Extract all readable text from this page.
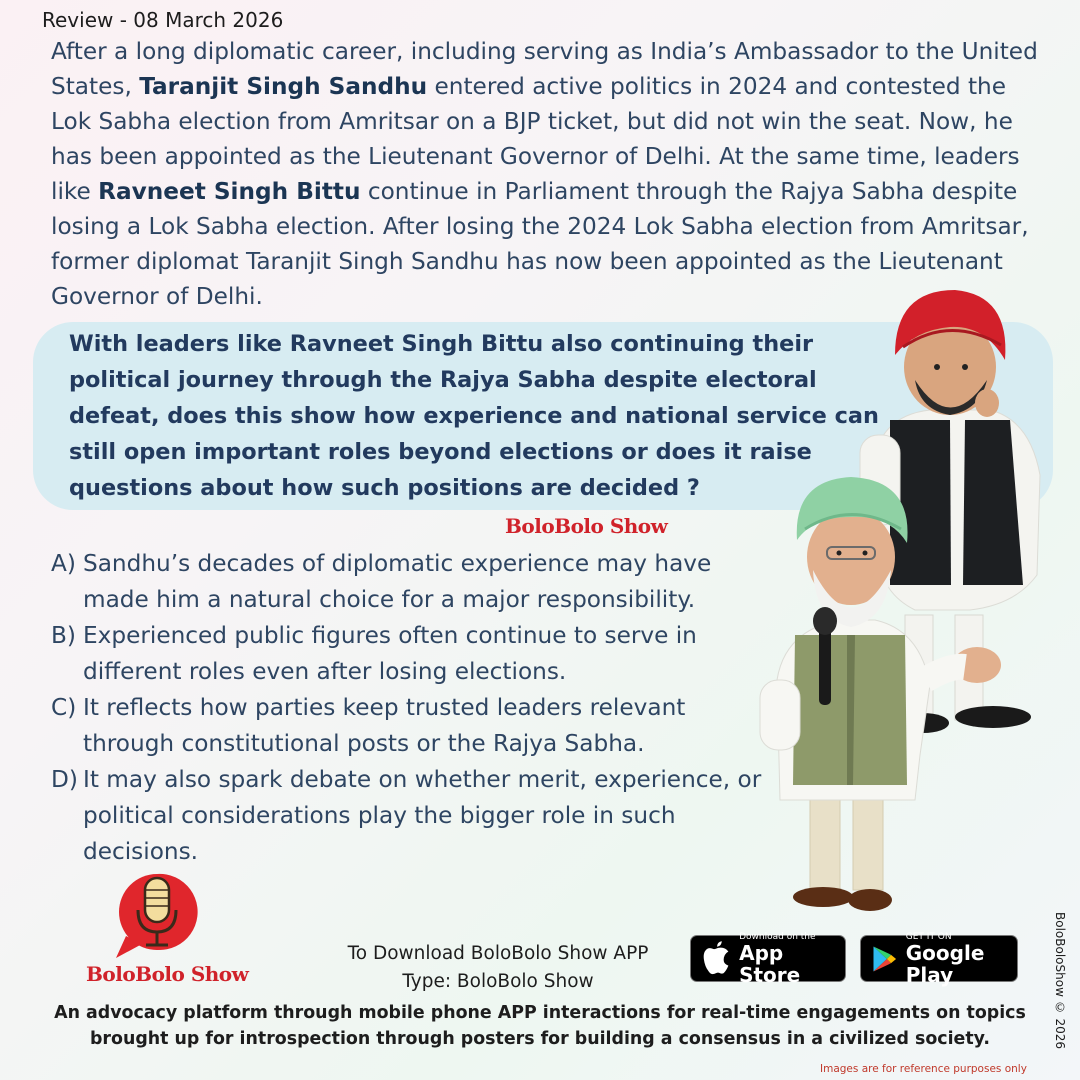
Review - 08 March 2026

After a long diplomatic career, including serving as India’s Ambassador to the United States, Taranjit Singh Sandhu entered active politics in 2024 and contested the Lok Sabha election from Amritsar on a BJP ticket, but did not win the seat. Now, he has been appointed as the Lieutenant Governor of Delhi. At the same time, leaders like Ravneet Singh Bittu continue in Parliament through the Rajya Sabha despite losing a Lok Sabha election. After losing the 2024 Lok Sabha election from Amritsar, former diplomat Taranjit Singh Sandhu has now been appointed as the Lieutenant Governor of Delhi.

With leaders like Ravneet Singh Bittu also continuing their political journey through the Rajya Sabha despite electoral defeat, does this show how experience and national service can still open important roles beyond elections or does it raise questions about how such positions are decided ?

BoloBolo Show
A) Sandhu’s decades of diplomatic experience may have made him a natural choice for a major responsibility.
B) Experienced public figures often continue to serve in different roles even after losing elections.
C) It reflects how parties keep trusted leaders relevant through constitutional posts or the Rajya Sabha.
D) It may also spark debate on whether merit, experience, or political considerations play the bigger role in such decisions.
BoloBolo Show
To Download BoloBolo Show APP
Type: BoloBolo Show
Download on the
App Store
GET IT ON
Google Play

An advocacy platform through mobile phone APP interactions for real-time engagements on topics brought up for introspection through posters for building a consensus in a civilized society.	BoloBoloShow © 2026
Images are for reference purposes only
